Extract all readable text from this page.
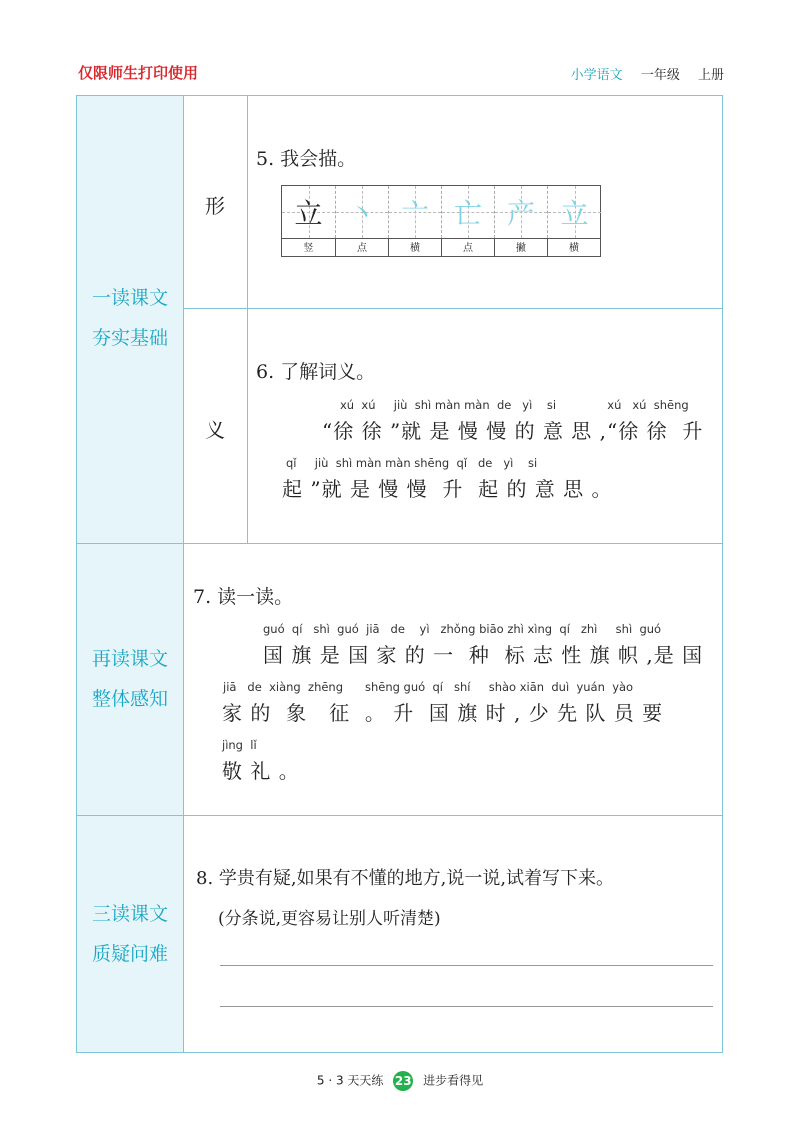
仅限师生打印使用	小学语文 一年级 上册
一读课文
夯实基础
再读课文
整体感知
三读课文
质疑问难
形
义
5. 我会描。
立 丶 亠 亡 产 立
竖	点	横	点	撇	横
6. 了解词义。
xú  xú     jiù  shì màn màn  de   yì    si              xú   xú  shēng
“徐 徐 ”就 是 慢 慢 的 意 思 ,“徐 徐  升
qǐ     jiù  shì màn màn shēng  qǐ   de   yì    si
起 ”就 是 慢 慢  升  起 的 意 思 。
7. 读一读。
guó  qí   shì  guó  jiā   de    yì   zhǒng biāo zhì xìng  qí   zhì     shì  guó
国 旗 是 国 家 的 一  种  标 志 性 旗 帜 ,是 国
jiā   de  xiàng  zhēng      shēng guó  qí   shí     shào xiān  duì  yuán  yào
家 的  象   征  。 升  国 旗 时 , 少 先 队 员 要
jìng  lǐ
敬 礼 。
8. 学贵有疑,如果有不懂的地方,说一说,试着写下来。
(分条说,更容易让别人听清楚)
5 · 3 天天练 23 进步看得见
